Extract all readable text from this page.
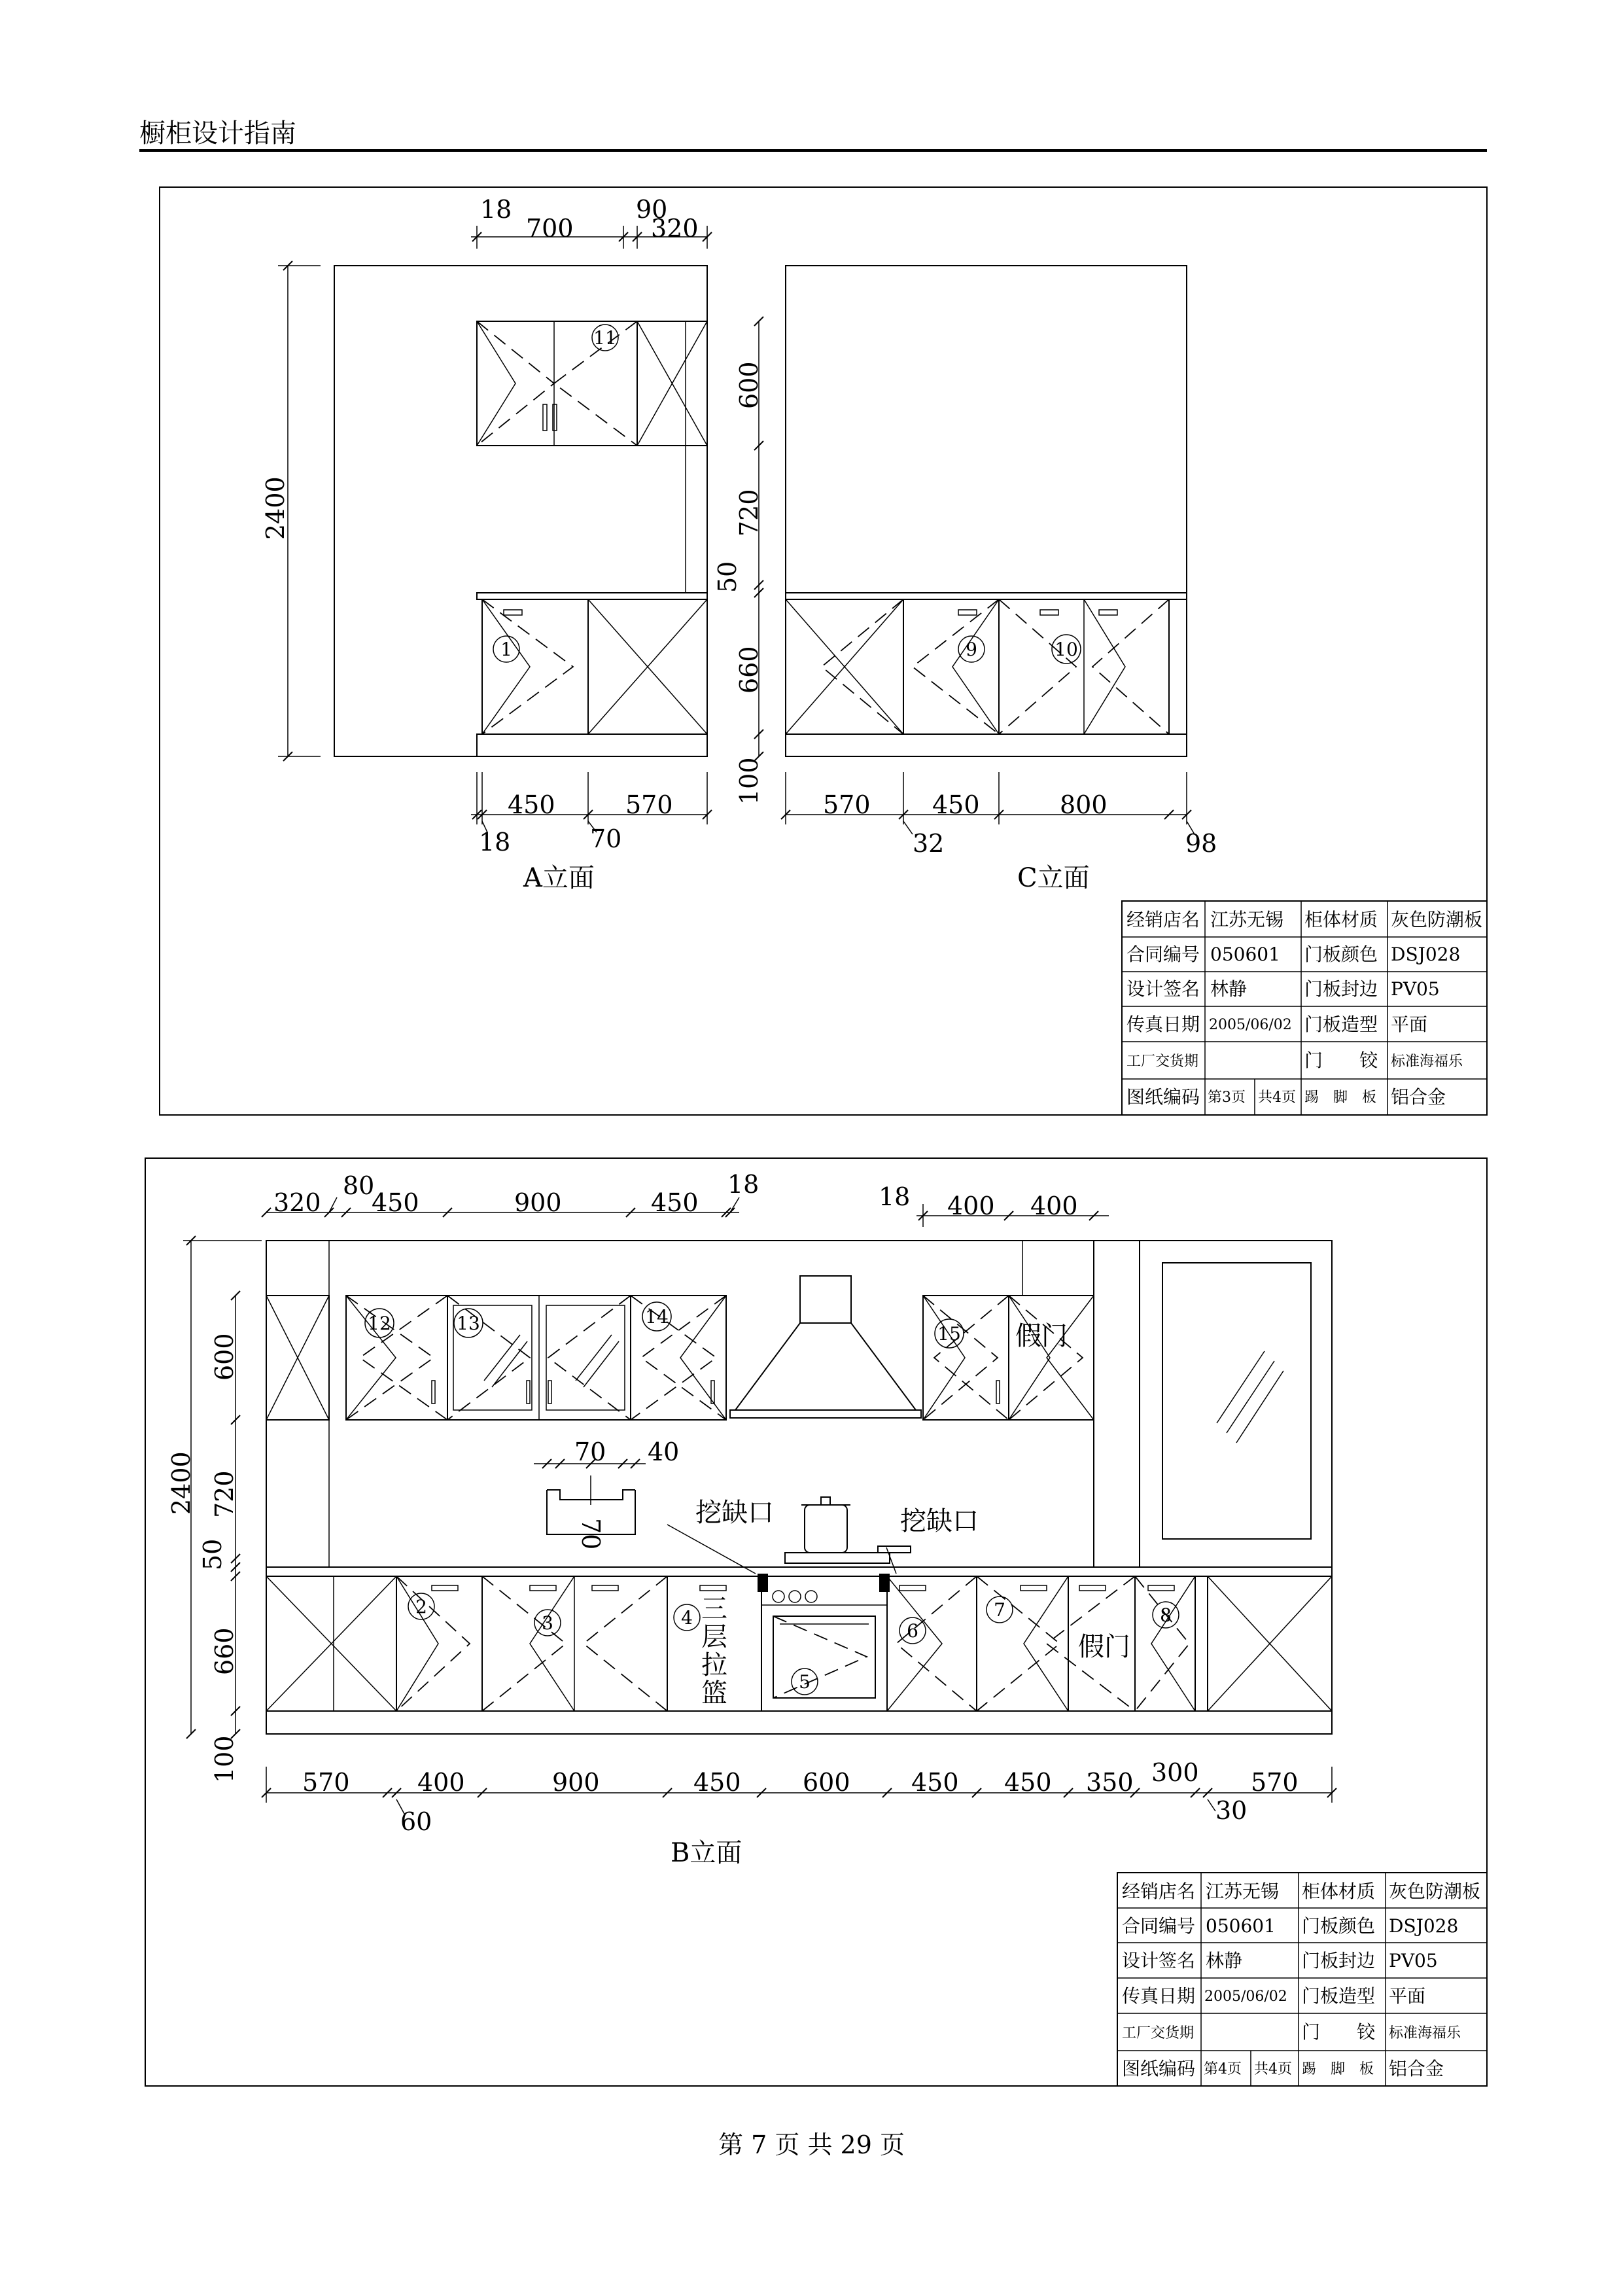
橱柜设计指南
18
700
90
320
2400
450	570
18	70
A立面
1
11
600
720
50
660
100 570 450	800
32	98
C立面
9	10
经销店名 江苏无锡 柜体材质 灰色防潮板
合同编号 050601 门板颜色 DSJ028
设计签名 林静	门板封边 PV05
传真日期 2005/06/02 门板造型 平面
工厂交货期	门　　铰 标准海福乐
图纸编码 第3页 共4页 踢　脚　板 铝合金
假门
70 40
70
挖缺口	挖缺口
三
层
拉
篮
假门
12	13	14
15
2
3	4
5
6
7	8
320
80
450	900	450
18	18 400 400
2400
600
720
50
660
100	570	400	900	450 600 450 450 350 300 570
60	30
B立面
经销店名 江苏无锡 柜体材质 灰色防潮板
合同编号 050601 门板颜色 DSJ028
设计签名 林静	门板封边 PV05
传真日期 2005/06/02 门板造型 平面
工厂交货期	门　　铰 标准海福乐
图纸编码 第4页 共4页 踢　脚　板 铝合金
第 7 页 共 29 页
